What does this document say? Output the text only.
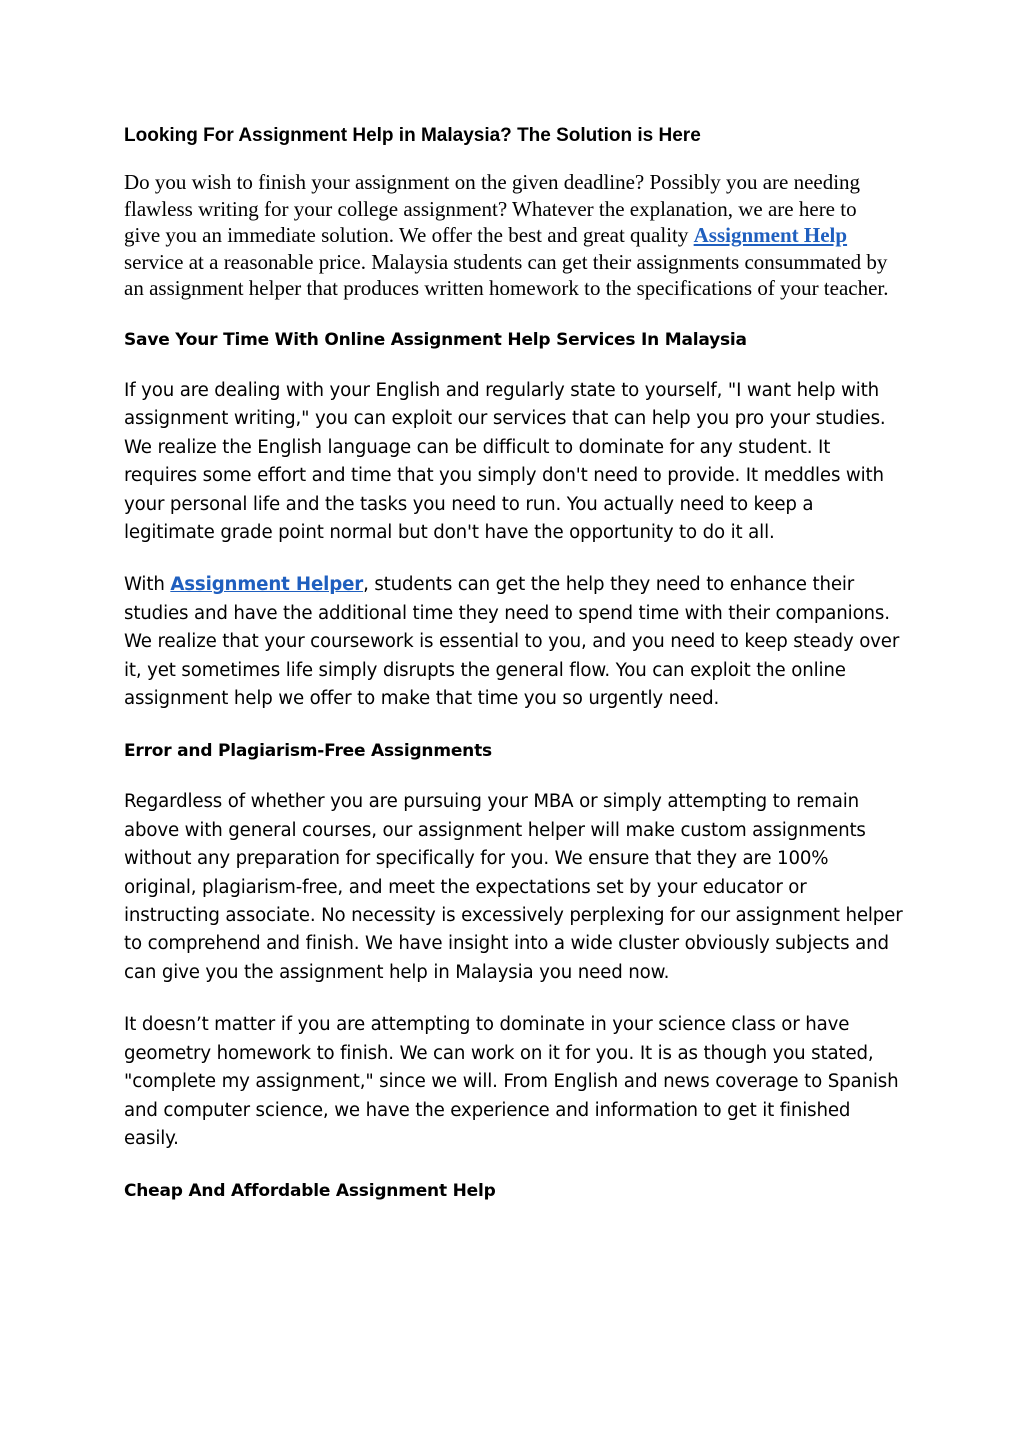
Looking For Assignment Help in Malaysia? The Solution is Here

Do you wish to finish your assignment on the given deadline? Possibly you are needing flawless writing for your college assignment? Whatever the explanation, we are here to give you an immediate solution. We offer the best and great quality Assignment Help service at a reasonable price. Malaysia students can get their assignments consummated by an assignment helper that produces written homework to the specifications of your teacher.

Save Your Time With Online Assignment Help Services In Malaysia

If you are dealing with your English and regularly state to yourself, "I want help with assignment writing," you can exploit our services that can help you pro your studies. We realize the English language can be difficult to dominate for any student. It requires some effort and time that you simply don't need to provide. It meddles with your personal life and the tasks you need to run. You actually need to keep a legitimate grade point normal but don't have the opportunity to do it all.

With Assignment Helper, students can get the help they need to enhance their studies and have the additional time they need to spend time with their companions. We realize that your coursework is essential to you, and you need to keep steady over it, yet sometimes life simply disrupts the general flow. You can exploit the online assignment help we offer to make that time you so urgently need.

Error and Plagiarism-Free Assignments

Regardless of whether you are pursuing your MBA or simply attempting to remain above with general courses, our assignment helper will make custom assignments without any preparation for specifically for you. We ensure that they are 100% original, plagiarism-free, and meet the expectations set by your educator or instructing associate. No necessity is excessively perplexing for our assignment helper to comprehend and finish. We have insight into a wide cluster obviously subjects and can give you the assignment help in Malaysia you need now.

It doesn’t matter if you are attempting to dominate in your science class or have geometry homework to finish. We can work on it for you. It is as though you stated, "complete my assignment," since we will. From English and news coverage to Spanish and computer science, we have the experience and information to get it finished easily.

Cheap And Affordable Assignment Help
